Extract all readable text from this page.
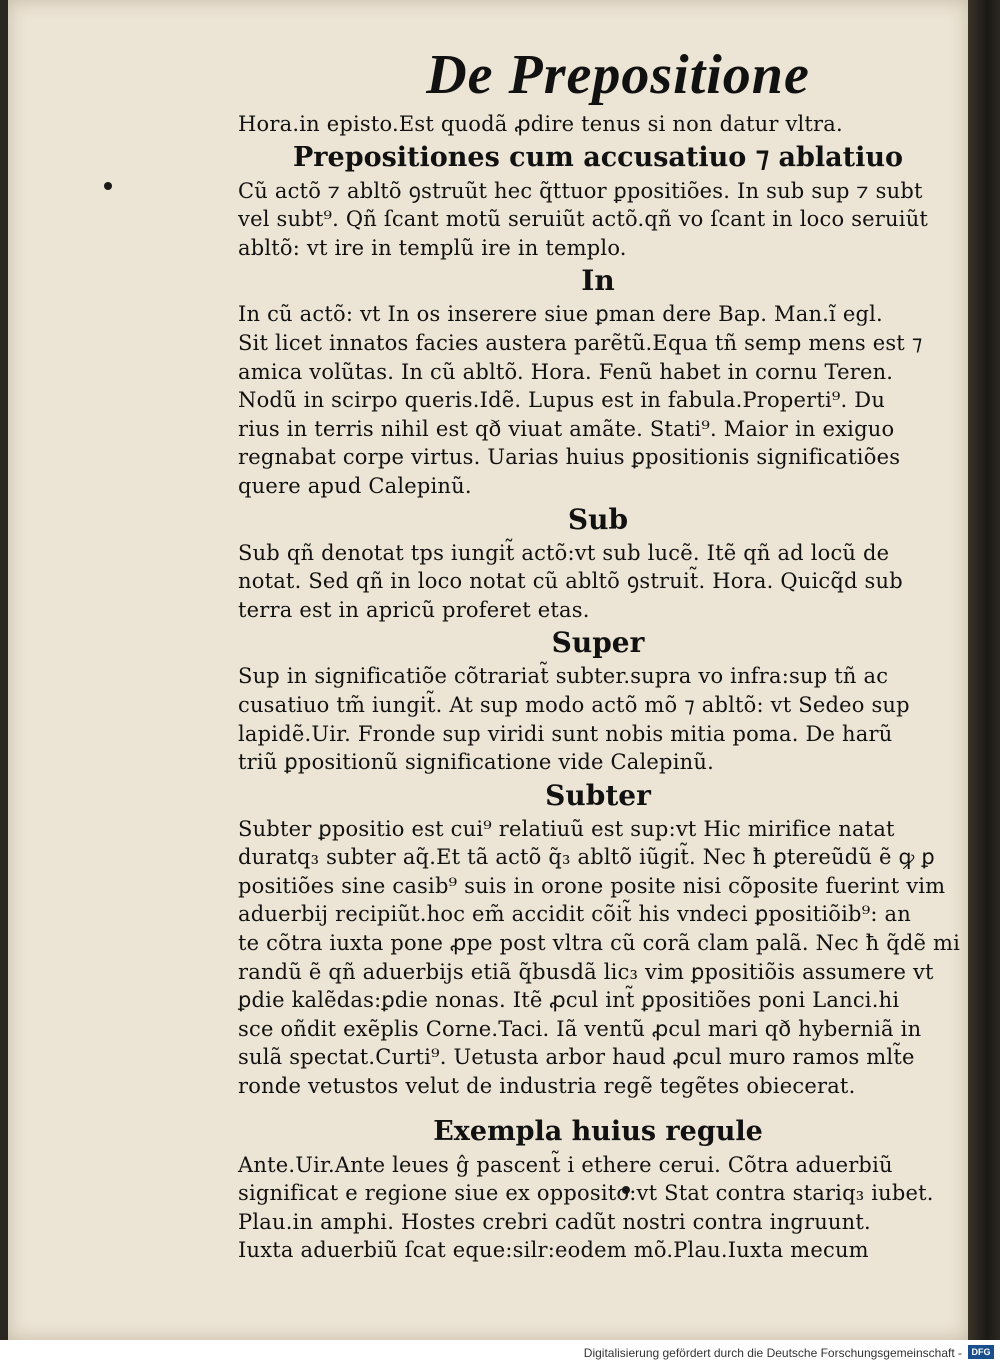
De Prepositione
Hora.in episto.Est quodã ꝓdire tenus si non datur vltra.
Prepositiones cum accusatiuo ⁊ ablatiuo
Cũ actõ ⁊ abltõ ꝯstruũt hec q̃ttuor ꝑpositiões. In sub sup ⁊ subt
vel subt⁹. Qñ ſcant motũ seruiũt actõ.qñ vo ſcant in loco seruiũt
abltõ: vt ire in templũ ire in templo.
In
In cũ actõ: vt In os inserere siue ꝑman dere Bap. Man.ĩ egl.
Sit licet innatos facies austera parẽtũ.Equa tñ semp mens est ⁊
amica volũtas. In cũ abltõ. Hora. Fenũ habet in cornu Teren.
Nodũ in scirpo queris.Idẽ. Lupus est in fabula.Properti⁹. Du
rius in terris nihil est qð viuat amãte. Stati⁹. Maior in exiguo
regnabat corpe virtus. Uarias huius ꝑpositionis significatiões
quere apud Calepinũ.
Sub
Sub qñ denotat tps iungit̃ actõ:vt sub lucẽ. Itẽ qñ ad locũ de
notat. Sed qñ in loco notat cũ abltõ ꝯstruit̃. Hora. Quicq̃d sub
terra est in apricũ proferet etas.
Super
Sup in significatiõe cõtrariat̃ subter.supra vo infra:sup tñ ac
cusatiuo tm̃ iungit̃. At sup modo actõ mõ ⁊ abltõ: vt Sedeo sup
lapidẽ.Uir. Fronde sup viridi sunt nobis mitia poma. De harũ
triũ ꝑpositionũ significatione vide Calepinũ.
Subter
Subter ꝑpositio est cui⁹ relatiuũ est sup:vt Hic mirifice natat
duratq₃ subter aq̃.Et tã actõ q̃₃ abltõ iũgit̃. Nec ħ ꝑtereũdũ ẽ ꝙ ꝑ
positiões sine casib⁹ suis in orone posite nisi cõposite fuerint vim
aduerbij recipiũt.hoc em̃ accidit cõit̃ his vndeci ꝑpositiõib⁹: an
te cõtra iuxta pone ꝓpe post vltra cũ corã clam palã. Nec ħ q̃dẽ mi
randũ ẽ qñ aduerbijs etiã q̃busdã lic₃ vim ꝑpositiõis assumere vt
ꝑdie kalẽdas:ꝑdie nonas. Itẽ ꝓcul int̃ ꝑpositiões poni Lanci.hi
sce oñdit exẽplis Corne.Taci. Iã ventũ ꝓcul mari qð hyberniã in
sulã spectat.Curti⁹. Uetusta arbor haud ꝓcul muro ramos mlt̃e
ronde vetustos velut de industria regẽ tegẽtes obiecerat.
Exempla huius regule
Ante.Uir.Ante leues ĝ pascent̃ i ethere cerui. Cõtra aduerbiũ
significat e regione siue ex opposito:vt Stat contra stariq₃ iubet.
Plau.in amphi. Hostes crebri cadũt nostri contra ingruunt.
Iuxta aduerbiũ ſcat eque:silr:eodem mõ.Plau.Iuxta mecum
Digitalisierung gefördert durch die Deutsche Forschungsgemeinschaft -	DFG
